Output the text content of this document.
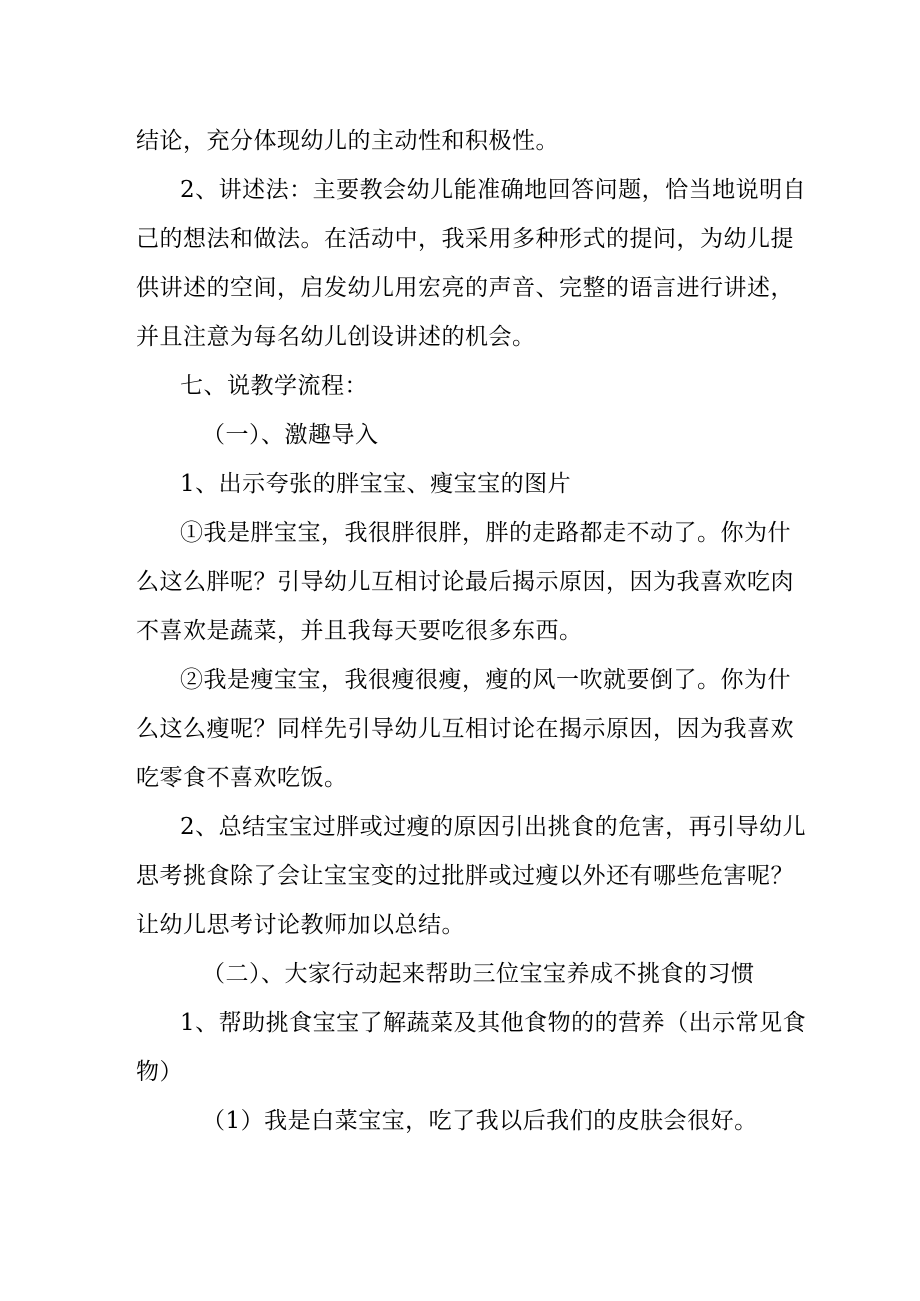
结论，充分体现幼儿的主动性和积极性。
2、讲述法：主要教会幼儿能准确地回答问题，恰当地说明自
己的想法和做法。在活动中，我采用多种形式的提问，为幼儿提
供讲述的空间，启发幼儿用宏亮的声音、完整的语言进行讲述，
并且注意为每名幼儿创设讲述的机会。
七、说教学流程：
（一）、激趣导入
1、出示夸张的胖宝宝、瘦宝宝的图片
①我是胖宝宝，我很胖很胖，胖的走路都走不动了。你为什
么这么胖呢？引导幼儿互相讨论最后揭示原因，因为我喜欢吃肉
不喜欢是蔬菜，并且我每天要吃很多东西。
②我是瘦宝宝，我很瘦很瘦，瘦的风一吹就要倒了。你为什
么这么瘦呢？同样先引导幼儿互相讨论在揭示原因，因为我喜欢
吃零食不喜欢吃饭。
2、总结宝宝过胖或过瘦的原因引出挑食的危害，再引导幼儿
思考挑食除了会让宝宝变的过批胖或过瘦以外还有哪些危害呢？
让幼儿思考讨论教师加以总结。
（二）、大家行动起来帮助三位宝宝养成不挑食的习惯
1、帮助挑食宝宝了解蔬菜及其他食物的的营养（出示常见食
物）
（1）我是白菜宝宝，吃了我以后我们的皮肤会很好。
